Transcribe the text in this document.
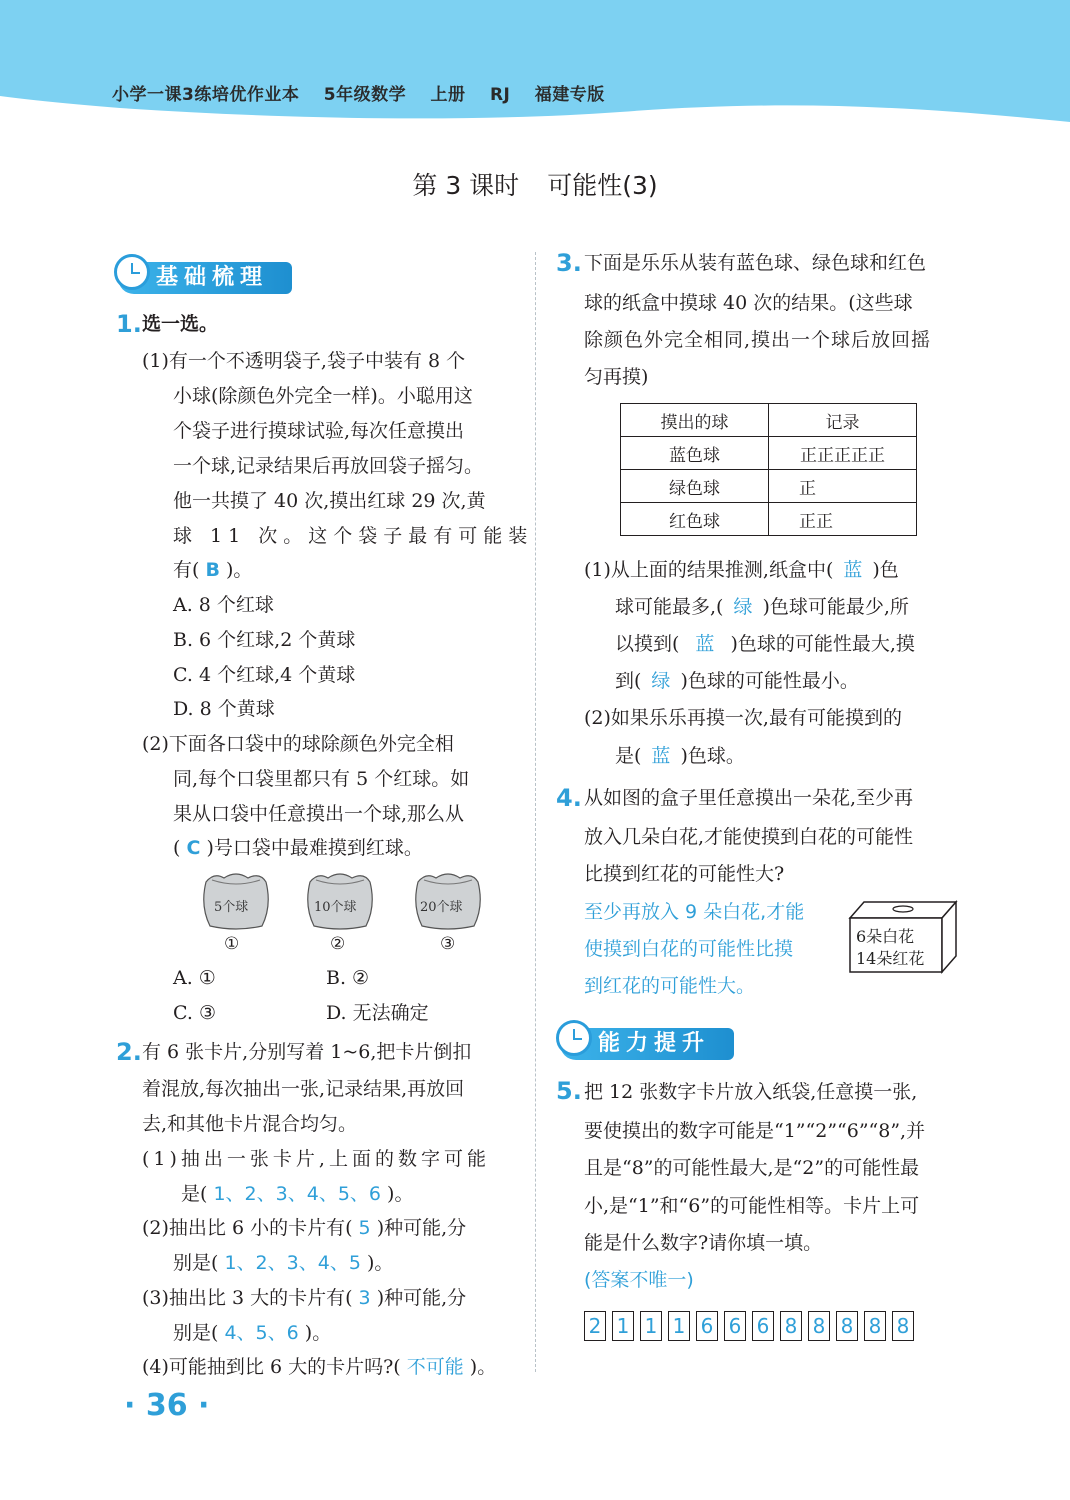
小学一课3练培优作业本 5年级数学 上册 RJ 福建专版
第 3 课时 可能性(3)
基础梳理
1. 选一选。
(1)有一个不透明袋子,袋子中装有 8 个
小球(除颜色外完全一样)。小聪用这
个袋子进行摸球试验,每次任意摸出
一个球,记录结果后再放回袋子摇匀。
他一共摸了 40 次,摸出红球 29 次,黄
球 11 次。这个袋子最有可能装
有( B )。
A. 8 个红球
B. 6 个红球,2 个黄球
C. 4 个红球,4 个黄球
D. 8 个黄球
(2)下面各口袋中的球除颜色外完全相
同,每个口袋里都只有 5 个红球。如
果从口袋中任意摸出一个球,那么从
( C )号口袋中最难摸到红球。
5个球
①
10个球
②
20个球
③
A. ①	B. ②
C. ③	D. 无法确定
2. 有 6 张卡片,分别写着 1~6,把卡片倒扣
着混放,每次抽出一张,记录结果,再放回
去,和其他卡片混合均匀。
(1)抽出一张卡片,上面的数字可能
是( 1、2、3、4、5、6 )。
(2)抽出比 6 小的卡片有( 5 )种可能,分
别是( 1、2、3、4、5 )。
(3)抽出比 3 大的卡片有( 3 )种可能,分
别是( 4、5、6 )。
(4)可能抽到比 6 大的卡片吗?( 不可能 )。
· 36 ·
3. 下面是乐乐从装有蓝色球、绿色球和红色
球的纸盒中摸球 40 次的结果。(这些球
除颜色外完全相同,摸出一个球后放回摇
匀再摸)
摸出的球	记录
蓝色球	正正正正正
绿色球	正
红色球	正正
(1)从上面的结果推测,纸盒中( 蓝 )色
球可能最多,( 绿 )色球可能最少,所
以摸到( 蓝 )色球的可能性最大,摸
到( 绿 )色球的可能性最小。
(2)如果乐乐再摸一次,最有可能摸到的
是( 蓝 )色球。
4. 从如图的盒子里任意摸出一朵花,至少再
放入几朵白花,才能使摸到白花的可能性
比摸到红花的可能性大?
至少再放入 9 朵白花,才能
使摸到白花的可能性比摸
到红花的可能性大。
6朵白花
14朵红花
能力提升
5. 把 12 张数字卡片放入纸袋,任意摸一张,
要使摸出的数字可能是“1”“2”“6”“8”,并
且是“8”的可能性最大,是“2”的可能性最
小,是“1”和“6”的可能性相等。卡片上可
能是什么数字?请你填一填。
(答案不唯一)
2 1 1 1 6 6 6 8 8 8 8 8
